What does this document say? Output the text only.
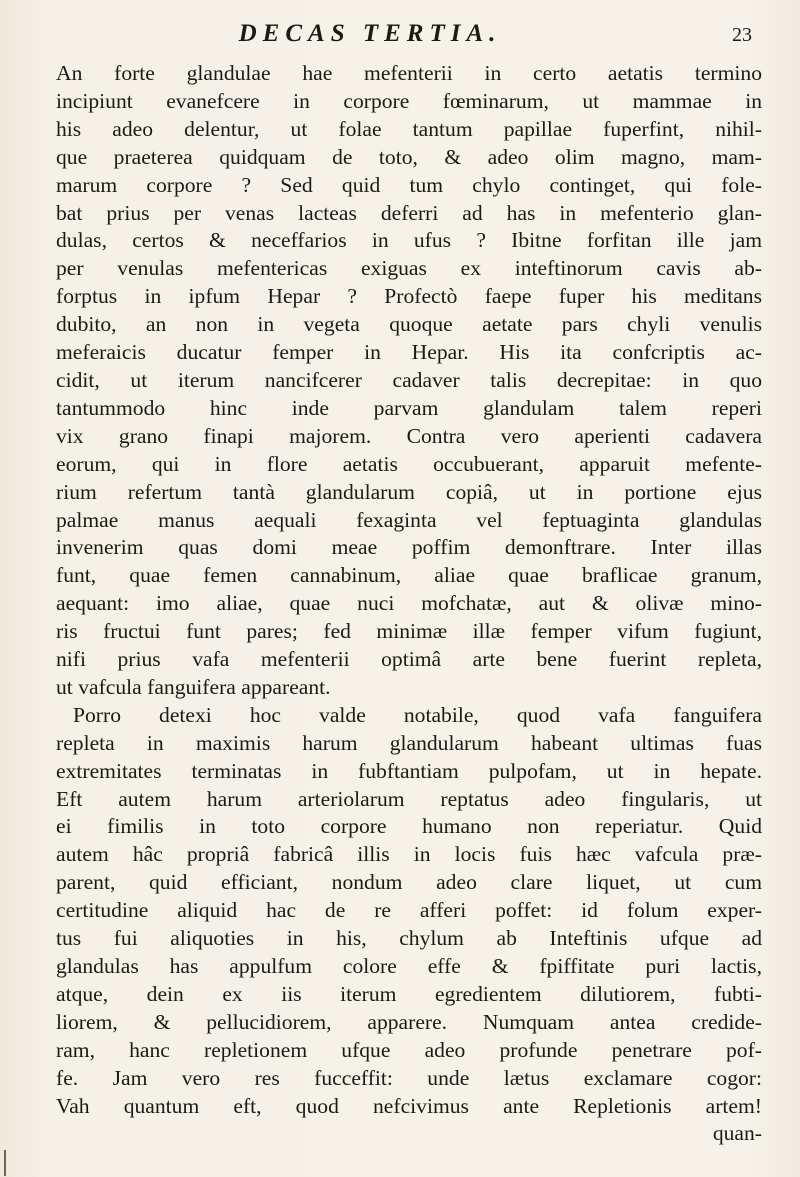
DECAS TERTIA.	23
An forte glandulae hae mefenterii in certo aetatis termino
incipiunt evanefcere in corpore fœminarum, ut mammae in
his adeo delentur, ut folae tantum papillae fuperfint, nihil-
que praeterea quidquam de toto, & adeo olim magno, mam-
marum corpore ? Sed quid tum chylo continget, qui fole-
bat prius per venas lacteas deferri ad has in mefenterio glan-
dulas, certos & neceffarios in ufus ? Ibitne forfitan ille jam
per venulas mefentericas exiguas ex inteftinorum cavis ab-
forptus in ipfum Hepar ? Profectò faepe fuper his meditans
dubito, an non in vegeta quoque aetate pars chyli venulis
meferaicis ducatur femper in Hepar. His ita confcriptis ac-
cidit, ut iterum nancifcerer cadaver talis decrepitae: in quo
tantummodo hinc inde parvam glandulam talem reperi
vix grano finapi majorem. Contra vero aperienti cadavera
eorum, qui in flore aetatis occubuerant, apparuit mefente-
rium refertum tantà glandularum copiâ, ut in portione ejus
palmae manus aequali fexaginta vel feptuaginta glandulas
invenerim quas domi meae poffim demonftrare. Inter illas
funt, quae femen cannabinum, aliae quae braflicae granum,
aequant: imo aliae, quae nuci mofchatæ, aut & olivæ mino-
ris fructui funt pares; fed minimæ illæ femper vifum fugiunt,
nifi prius vafa mefenterii optimâ arte bene fuerint repleta,
ut vafcula fanguifera appareant.
Porro detexi hoc valde notabile, quod vafa fanguifera
repleta in maximis harum glandularum habeant ultimas fuas
extremitates terminatas in fubftantiam pulpofam, ut in hepate.
Eft autem harum arteriolarum reptatus adeo fingularis, ut
ei fimilis in toto corpore humano non reperiatur. Quid
autem hâc propriâ fabricâ illis in locis fuis hæc vafcula præ-
parent, quid efficiant, nondum adeo clare liquet, ut cum
certitudine aliquid hac de re afferi poffet: id folum exper-
tus fui aliquoties in his, chylum ab Inteftinis ufque ad
glandulas has appulfum colore effe & fpiffitate puri lactis,
atque, dein ex iis iterum egredientem dilutiorem, fubti-
liorem, & pellucidiorem, apparere. Numquam antea credide-
ram, hanc repletionem ufque adeo profunde penetrare pof-
fe. Jam vero res fucceffit: unde lætus exclamare cogor:
Vah quantum eft, quod nefcivimus ante Repletionis artem!
quan-
